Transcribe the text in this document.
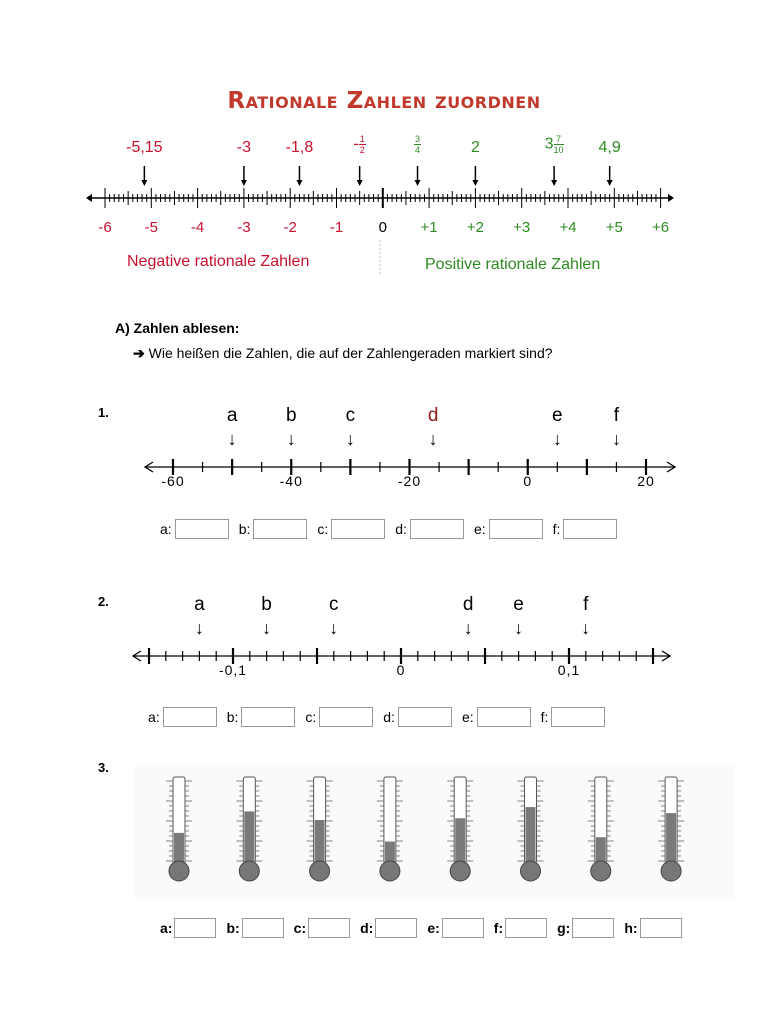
Rationale Zahlen zuordnen
-5,15	-3	-1,8	- $\frac{1}{2}$	$\frac{3}{4}$	2	$3 \frac{7}{10}$	4,9
-6	-5	-4	-3	-2	-1	0	+1	+2	+3	+4	+5	+6
Negative rationale Zahlen	Positive rationale Zahlen
A) Zahlen ablesen:
➔ Wie heißen die Zahlen, die auf der Zahlengeraden markiert sind?
1.	a
↓
b
↓
c
↓
d
↓
e
↓
f
↓
-60	-40	-20	0	20
a:	b:	c:	d:	e:	f:
2.	a
↓
b
↓
c
↓
d
↓
e
↓
f
↓
-0,1	0	0,1
a:	b:	c:	d:	e:	f:
3.
a:	b:	c:	d:	e:	f:	g:	h:
